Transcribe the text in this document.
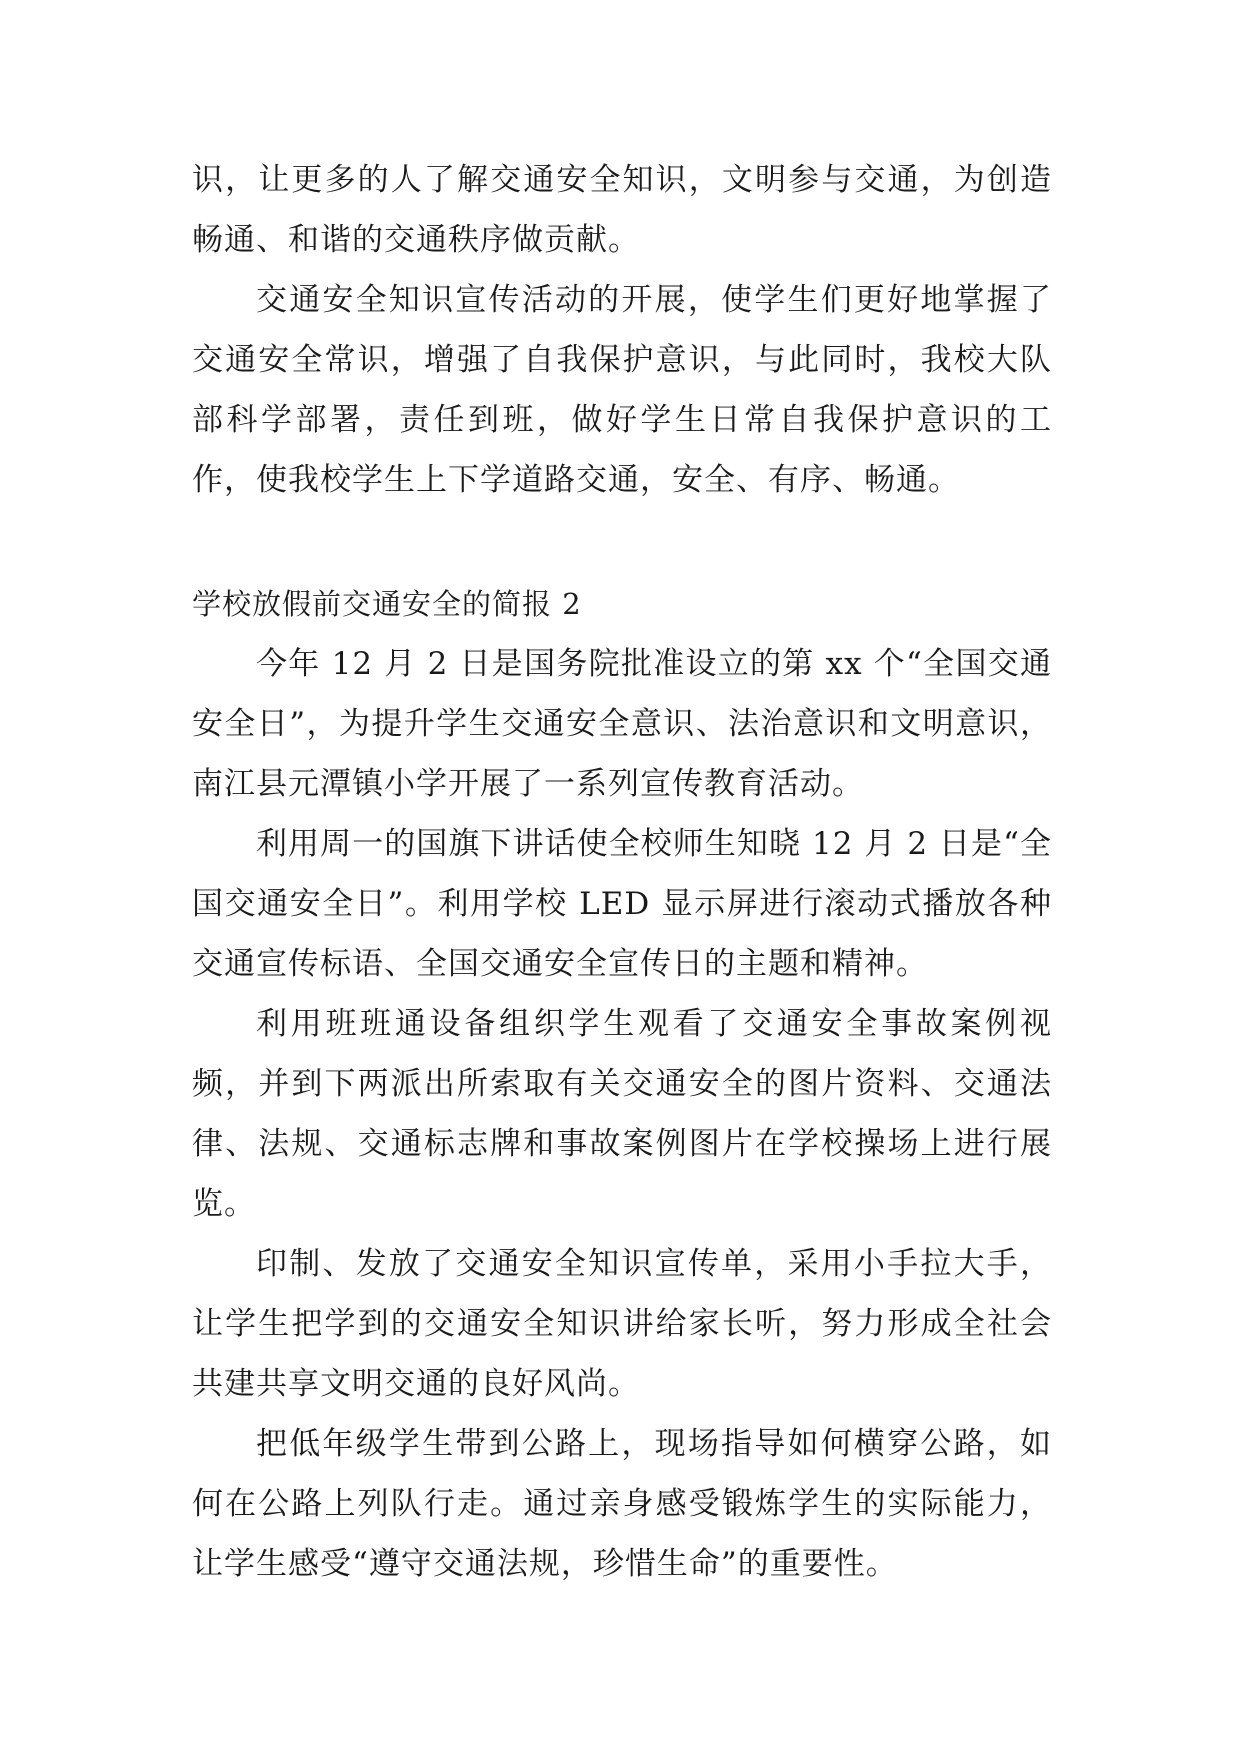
识，让更多的人了解交通安全知识，文明参与交通，为创造畅通、和谐的交通秩序做贡献。

交通安全知识宣传活动的开展，使学生们更好地掌握了交通安全常识，增强了自我保护意识，与此同时，我校大队部科学部署，责任到班，做好学生日常自我保护意识的工作，使我校学生上下学道路交通，安全、有序、畅通。

学校放假前交通安全的简报 2

今年 12 月 2 日是国务院批准设立的第 xx 个“全国交通安全日”，为提升学生交通安全意识、法治意识和文明意识，南江县元潭镇小学开展了一系列宣传教育活动。

利用周一的国旗下讲话使全校师生知晓 12 月 2 日是“全国交通安全日”。利用学校 LED 显示屏进行滚动式播放各种交通宣传标语、全国交通安全宣传日的主题和精神。

利用班班通设备组织学生观看了交通安全事故案例视频，并到下两派出所索取有关交通安全的图片资料、交通法律、法规、交通标志牌和事故案例图片在学校操场上进行展览。

印制、发放了交通安全知识宣传单，采用小手拉大手，让学生把学到的交通安全知识讲给家长听，努力形成全社会共建共享文明交通的良好风尚。

把低年级学生带到公路上，现场指导如何横穿公路，如何在公路上列队行走。通过亲身感受锻炼学生的实际能力，让学生感受“遵守交通法规，珍惜生命”的重要性。
